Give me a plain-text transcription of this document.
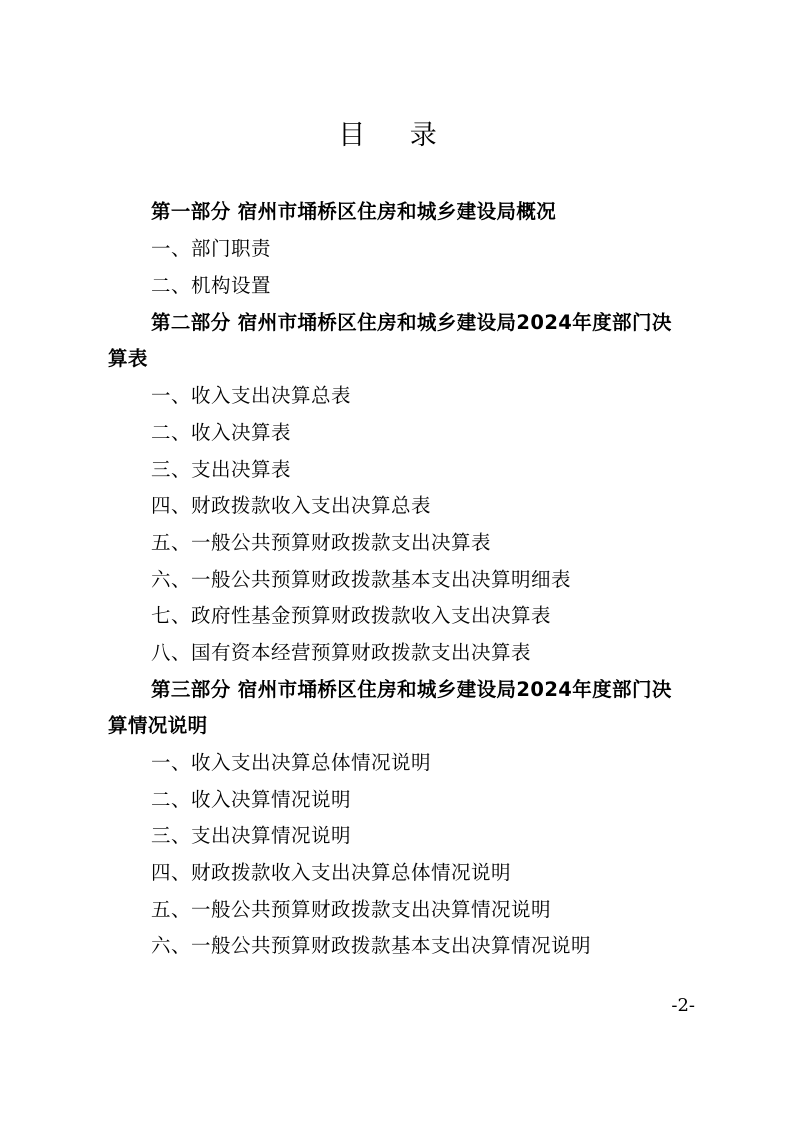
目 录
第一部分 宿州市埇桥区住房和城乡建设局概况
一、部门职责
二、机构设置
第二部分 宿州市埇桥区住房和城乡建设局2024年度部门决
算表
一、收入支出决算总表
二、收入决算表
三、支出决算表
四、财政拨款收入支出决算总表
五、一般公共预算财政拨款支出决算表
六、一般公共预算财政拨款基本支出决算明细表
七、政府性基金预算财政拨款收入支出决算表
八、国有资本经营预算财政拨款支出决算表
第三部分 宿州市埇桥区住房和城乡建设局2024年度部门决
算情况说明
一、收入支出决算总体情况说明
二、收入决算情况说明
三、支出决算情况说明
四、财政拨款收入支出决算总体情况说明
五、一般公共预算财政拨款支出决算情况说明
六、一般公共预算财政拨款基本支出决算情况说明
-2-
